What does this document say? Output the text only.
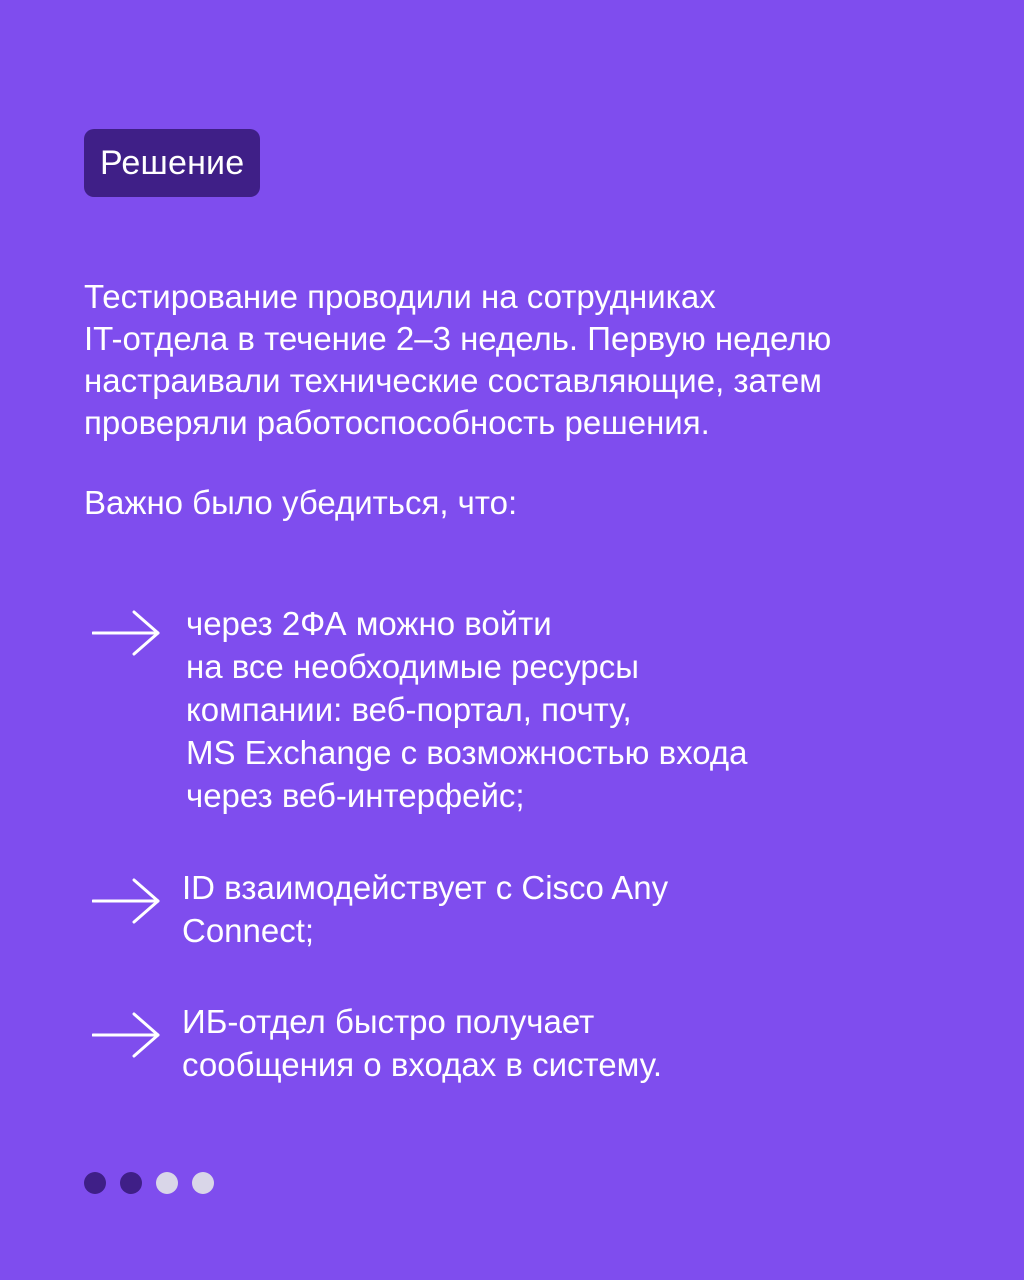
Решение

Тестирование проводили на сотрудниках
IT-отдела в течение 2–3 недель. Первую неделю
настраивали технические составляющие, затем
проверяли работоспособность решения.

Важно было убедиться, что:

через 2ФА можно войти
на все необходимые ресурсы
компании: веб-портал, почту,
MS Exchange с возможностью входа
через веб-интерфейс;

ID взаимодействует с Cisco Any
Connect;

ИБ-отдел быстро получает
сообщения о входах в систему.
